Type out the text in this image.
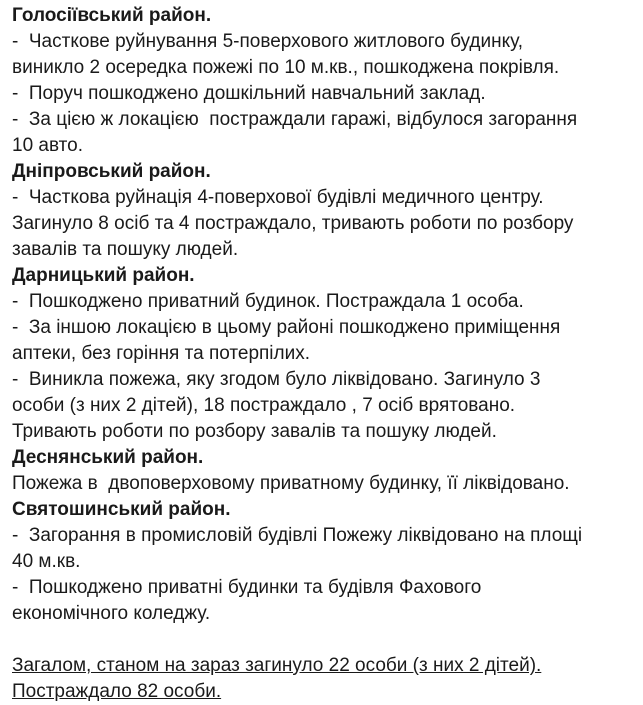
Голосіївський район.
-  Часткове руйнування 5-поверхового житлового будинку,
виникло 2 осередка пожежі по 10 м.кв., пошкоджена покрівля.
-  Поруч пошкоджено дошкільний навчальний заклад.
-  За цією ж локацією  постраждали гаражі, відбулося загорання
10 авто.
Дніпровський район.
-  Часткова руйнація 4-поверхової будівлі медичного центру.
Загинуло 8 осіб та 4 постраждало, тривають роботи по розбору
завалів та пошуку людей.
Дарницький район.
-  Пошкоджено приватний будинок. Постраждала 1 особа.
-  За іншою локацією в цьому районі пошкоджено приміщення
аптеки, без горіння та потерпілих.
-  Виникла пожежа, яку згодом було ліквідовано. Загинуло 3
особи (з них 2 дітей), 18 постраждало , 7 осіб врятовано.
Тривають роботи по розбору завалів та пошуку людей.
Деснянський район.
Пожежа в  двоповерховому приватному будинку, її ліквідовано.
Святошинський район.
-  Загорання в промисловій будівлі Пожежу ліквідовано на площі
40 м.кв.
-  Пошкоджено приватні будинки та будівля Фахового
економічного коледжу.
Загалом, станом на зараз загинуло 22 особи (з них 2 дітей).
Постраждало 82 особи.
